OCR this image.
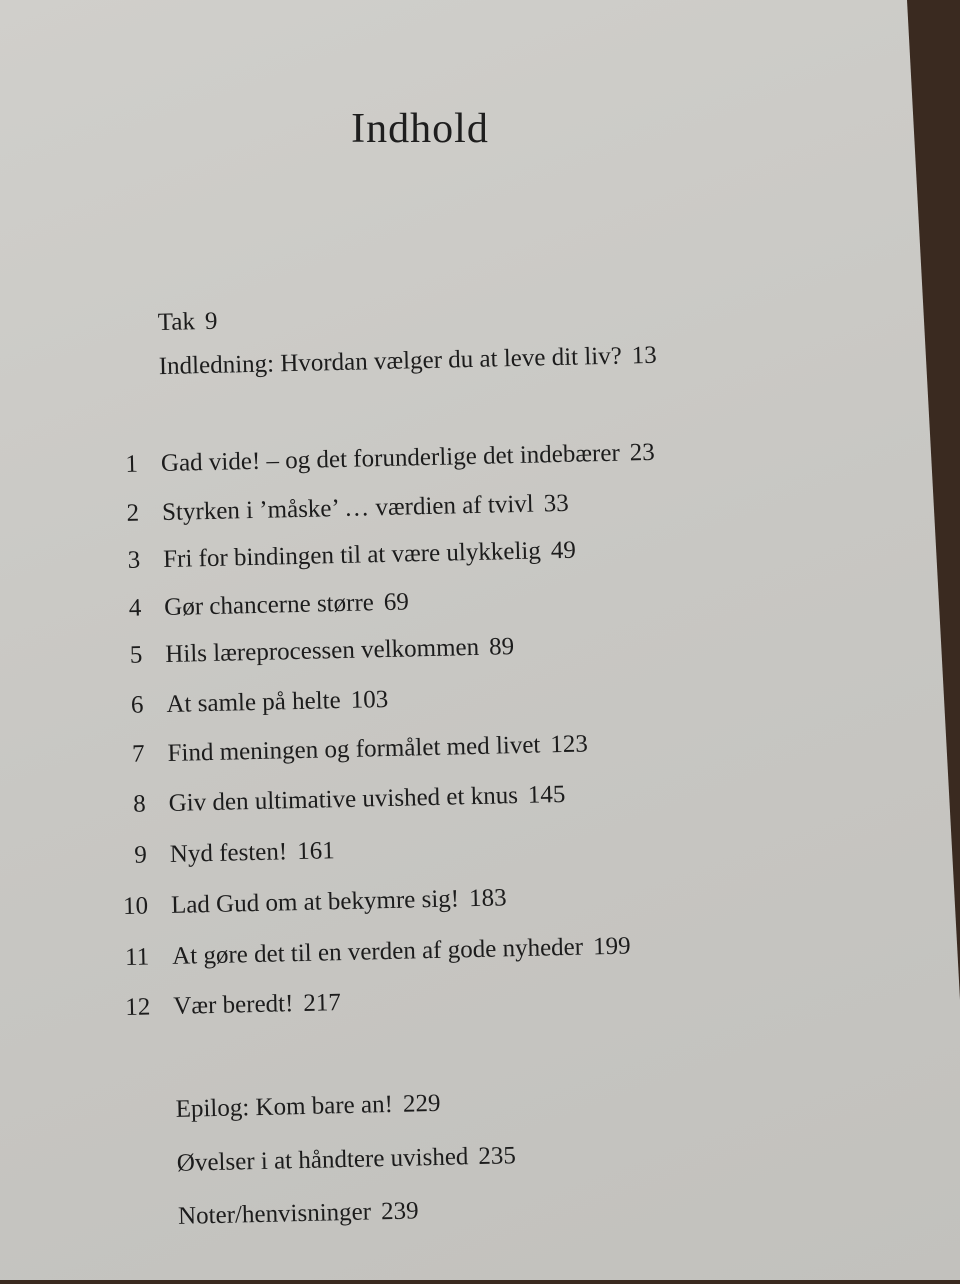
Indhold
Tak 9
Indledning: Hvordan vælger du at leve dit liv? 13
1 Gad vide! – og det forunderlige det indebærer 23
2 Styrken i ’måske’ … værdien af tvivl 33
3 Fri for bindingen til at være ulykkelig 49
4 Gør chancerne større 69
5 Hils læreprocessen velkommen 89
6 At samle på helte 103
7 Find meningen og formålet med livet 123
8 Giv den ultimative uvished et knus 145
9 Nyd festen! 161
10 Lad Gud om at bekymre sig! 183
11 At gøre det til en verden af gode nyheder 199
12 Vær beredt! 217
Epilog: Kom bare an! 229
Øvelser i at håndtere uvished 235
Noter/henvisninger 239
